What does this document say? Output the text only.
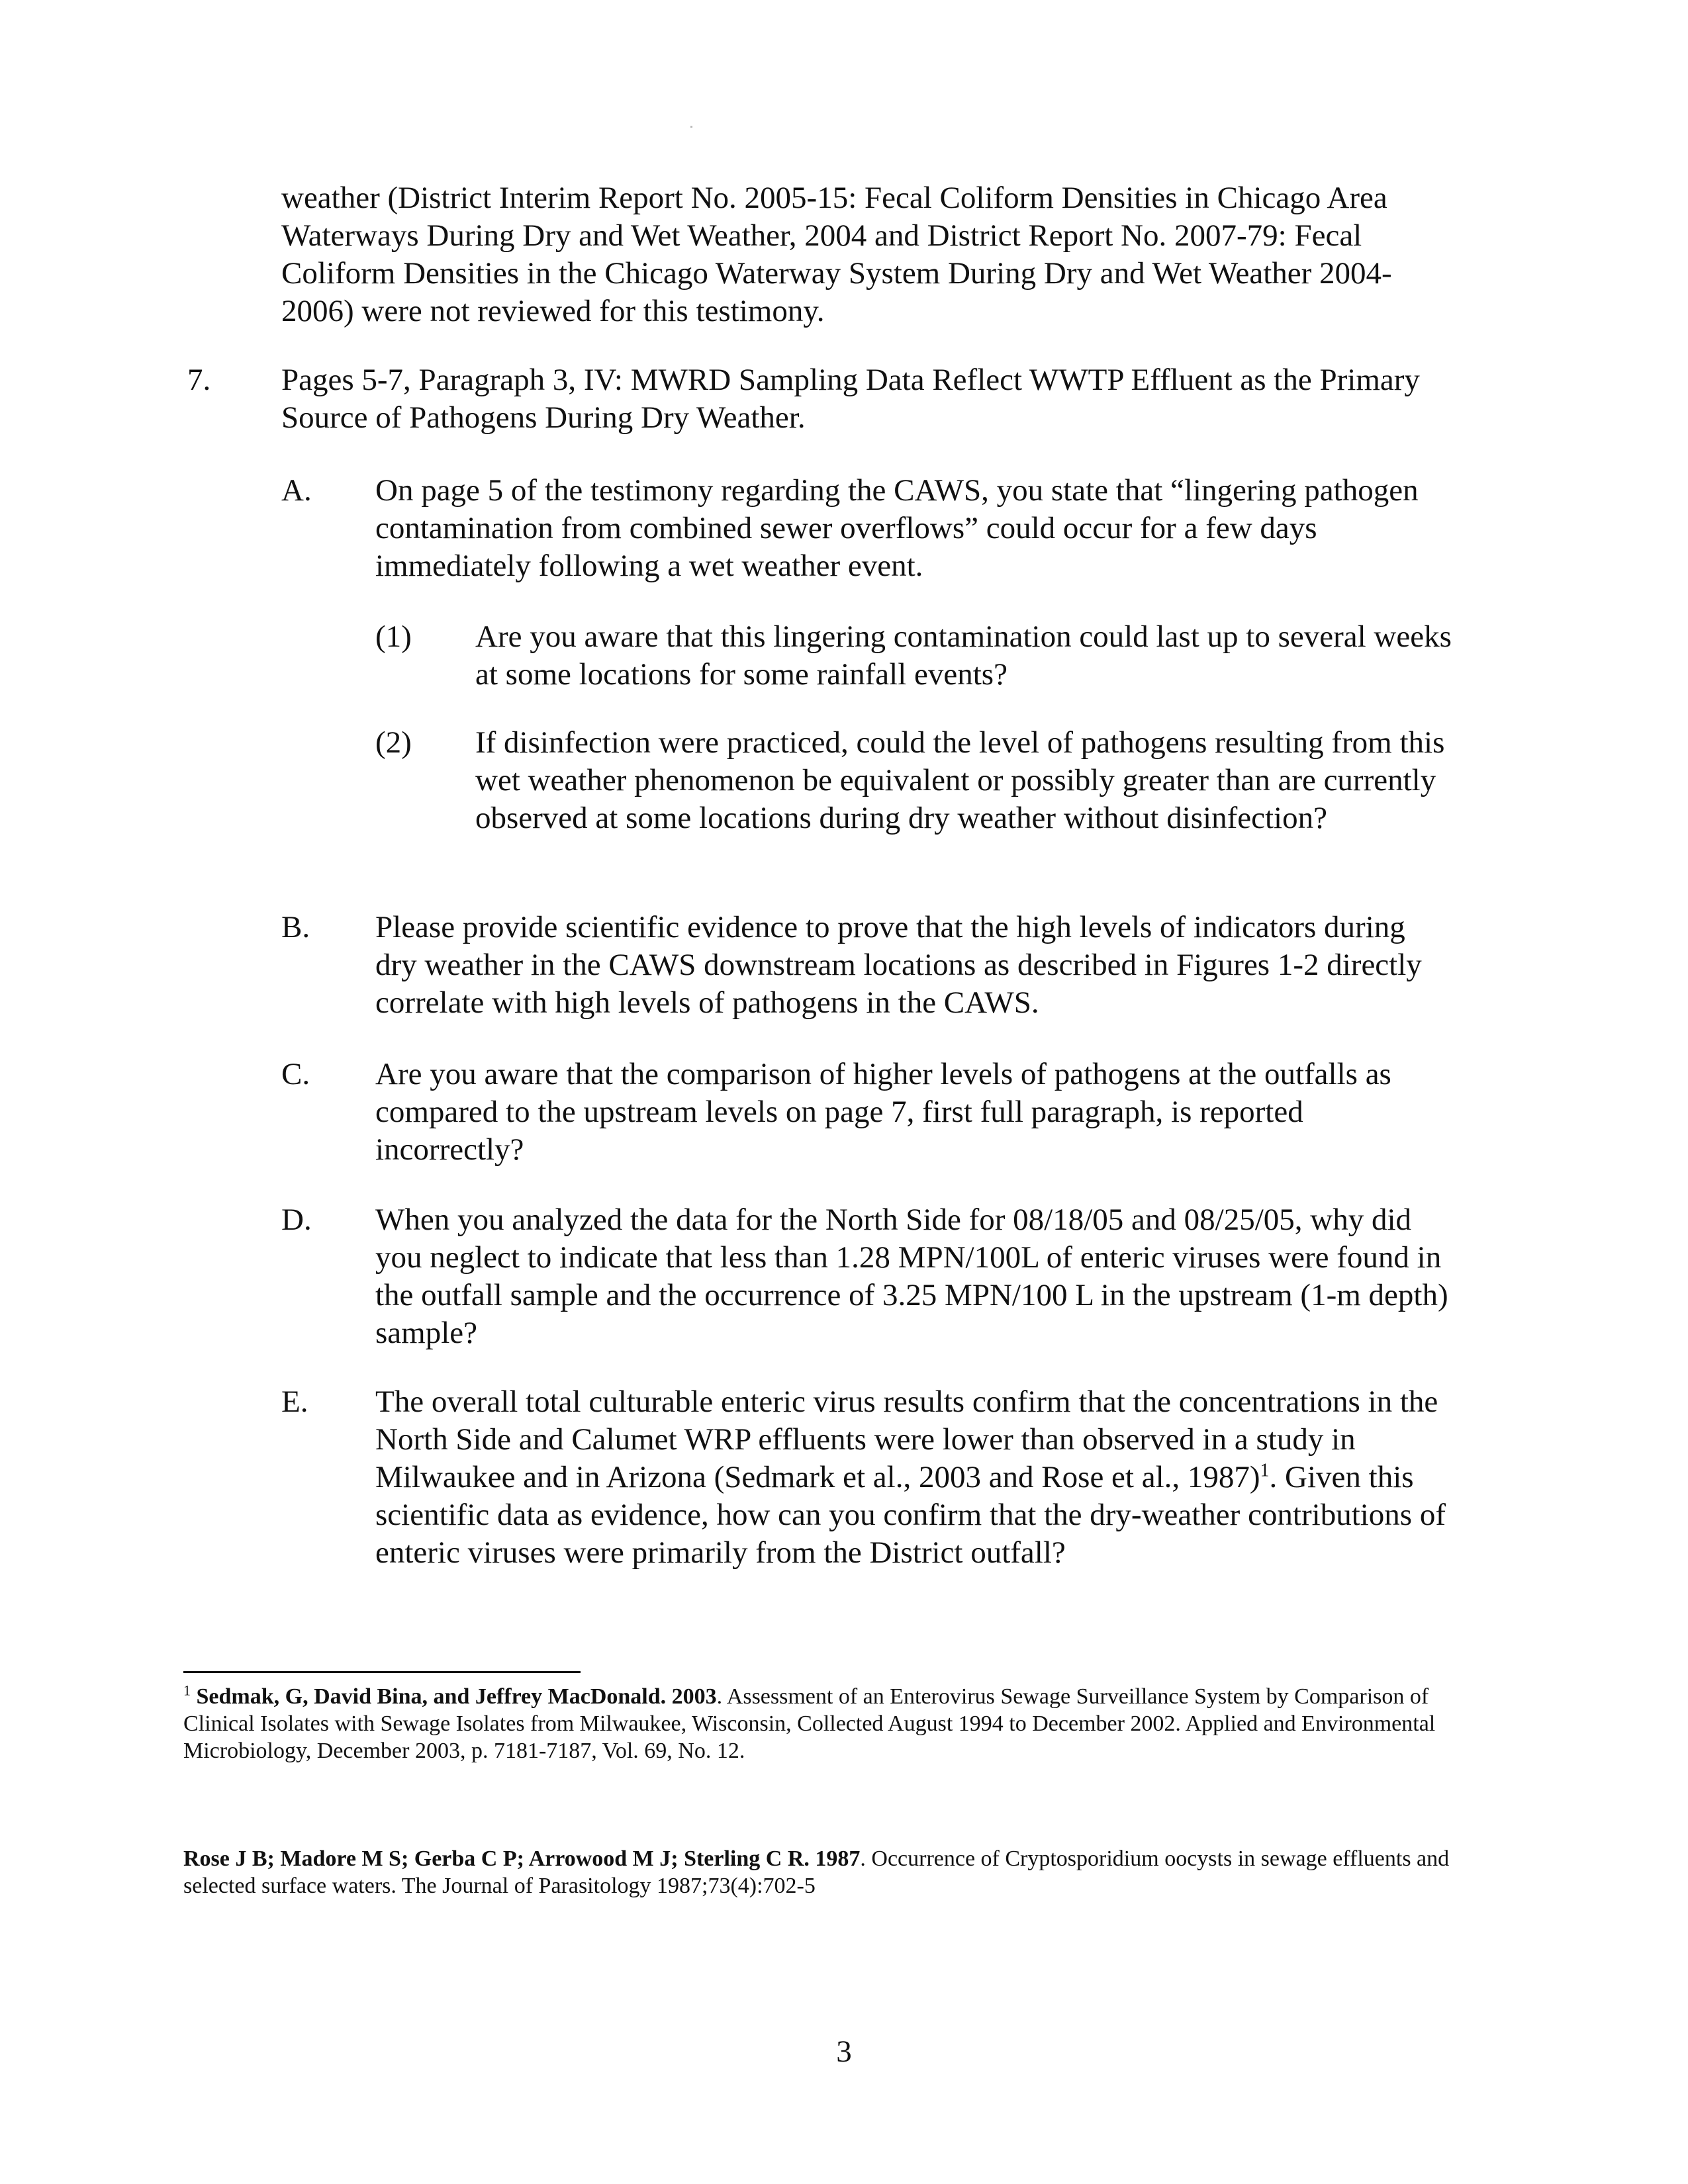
weather (District Interim Report No. 2005-15: Fecal Coliform Densities in Chicago Area Waterways During Dry and Wet Weather, 2004 and District Report No. 2007-79: Fecal Coliform Densities in the Chicago Waterway System During Dry and Wet Weather 2004-2006) were not reviewed for this testimony.

7. Pages 5-7, Paragraph 3, IV: MWRD Sampling Data Reflect WWTP Effluent as the Primary Source of Pathogens During Dry Weather.

A. On page 5 of the testimony regarding the CAWS, you state that “lingering pathogen contamination from combined sewer overflows” could occur for a few days immediately following a wet weather event.

(1) Are you aware that this lingering contamination could last up to several weeks at some locations for some rainfall events?

(2) If disinfection were practiced, could the level of pathogens resulting from this wet weather phenomenon be equivalent or possibly greater than are currently observed at some locations during dry weather without disinfection?

B. Please provide scientific evidence to prove that the high levels of indicators during dry weather in the CAWS downstream locations as described in Figures 1-2 directly correlate with high levels of pathogens in the CAWS.

C. Are you aware that the comparison of higher levels of pathogens at the outfalls as compared to the upstream levels on page 7, first full paragraph, is reported incorrectly?

D. When you analyzed the data for the North Side for 08/18/05 and 08/25/05, why did you neglect to indicate that less than 1.28 MPN/100L of enteric viruses were found in the outfall sample and the occurrence of 3.25 MPN/100 L in the upstream (1-m depth) sample?

E. The overall total culturable enteric virus results confirm that the concentrations in the North Side and Calumet WRP effluents were lower than observed in a study in Milwaukee and in Arizona (Sedmark et al., 2003 and Rose et al., 1987)$^1$. Given this scientific data as evidence, how can you confirm that the dry-weather contributions of enteric viruses were primarily from the District outfall?

$^1$ Sedmak, G, David Bina, and Jeffrey MacDonald. 2003. Assessment of an Enterovirus Sewage Surveillance System by Comparison of Clinical Isolates with Sewage Isolates from Milwaukee, Wisconsin, Collected August 1994 to December 2002. Applied and Environmental Microbiology, December 2003, p. 7181-7187, Vol. 69, No. 12.

Rose J B; Madore M S; Gerba C P; Arrowood M J; Sterling C R. 1987. Occurrence of Cryptosporidium oocysts in sewage effluents and selected surface waters. The Journal of Parasitology 1987;73(4):702-5

3
